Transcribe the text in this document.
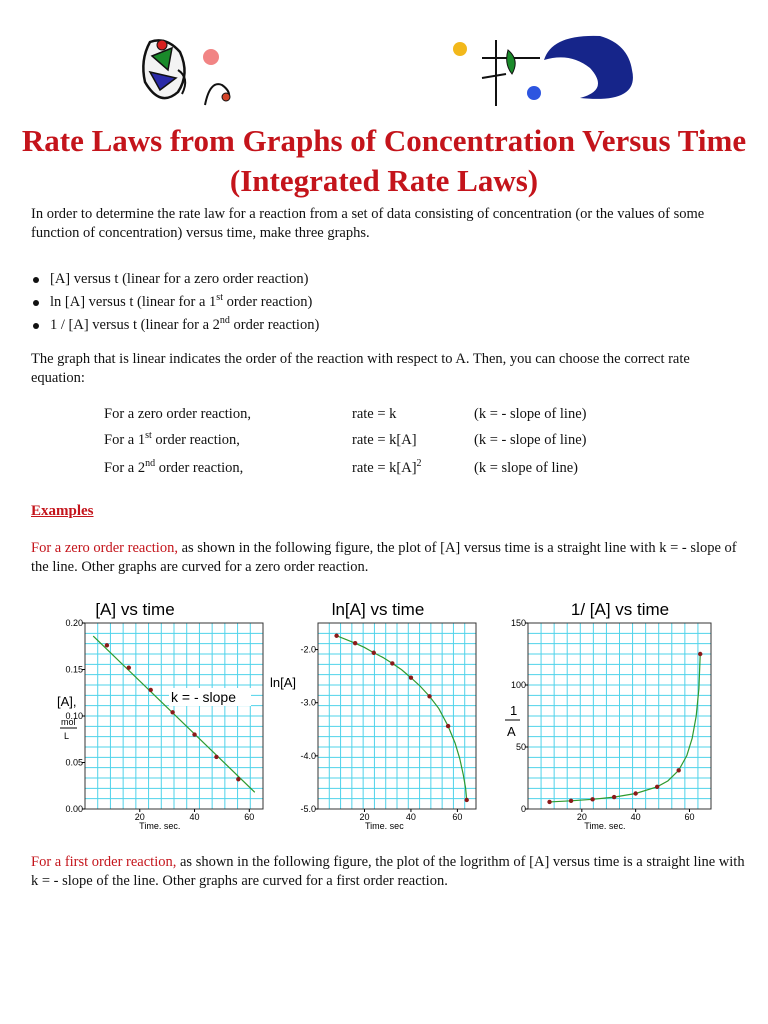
Rate Laws from Graphs of Concentration Versus Time (Integrated Rate Laws)

In order to determine the rate law for a reaction from a set of data consisting of concentration (or the values of some function of concentration) versus time, make three graphs.

[A] versus t (linear for a zero order reaction)
ln [A] versus t (linear for a 1st order reaction)
1 / [A] versus t (linear for a 2nd order reaction)

The graph that is linear indicates the order of the reaction with respect to A. Then, you can choose the correct rate equation:

For a zero order reaction,	rate = k	(k = - slope of line)
For a 1st order reaction,	rate = k[A]	(k = - slope of line)
For a 2nd order reaction,	rate = $k[A]^2$	(k = slope of line)
Examples

For a zero order reaction, as shown in the following figure, the plot of [A] versus time is a straight line with k = - slope of the line. Other graphs are curved for a zero order reaction.

[A] vs time
0.00
0.05
0.10
0.15
0.20
20	40	60
Time. sec.
[A],
mol
L
k = - slope
ln[A] vs time
-5.0
-4.0
-3.0
-2.0
20	40	60
Time. sec
ln[A]
1/ [A] vs time
0
50
100
150
20	40	60
Time. sec.
1
A

For a first order reaction, as shown in the following figure, the plot of the logrithm of [A] versus time is a straight line with k = - slope of the line. Other graphs are curved for a first order reaction.
